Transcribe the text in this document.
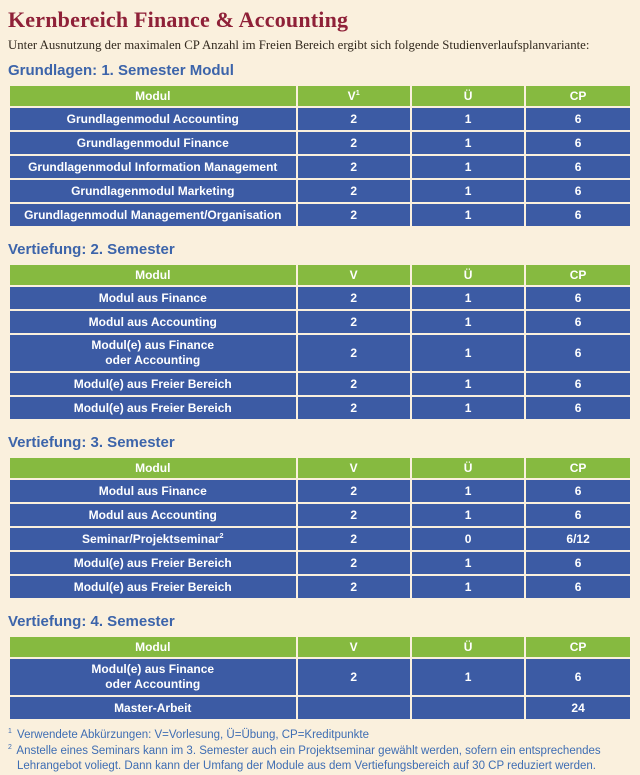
Kernbereich Finance & Accounting

Unter Ausnutzung der maximalen CP Anzahl im Freien Bereich ergibt sich folgende Studienverlaufsplanvariante:

Grundlagen: 1. Semester Modul
Modul	$V^1$	Ü	CP
Grundlagenmodul Accounting	2	1	6
Grundlagenmodul Finance	2	1	6
Grundlagenmodul Information Management	2	1	6
Grundlagenmodul Marketing	2	1	6
Grundlagenmodul Management/Organisation	2	1	6
Vertiefung: 2. Semester
Modul	V	Ü	CP
Modul aus Finance	2	1	6
Modul aus Accounting	2	1	6
Modul(e) aus Finance
oder Accounting	2	1	6
Modul(e) aus Freier Bereich	2	1	6
Modul(e) aus Freier Bereich	2	1	6
Vertiefung: 3. Semester
Modul	V	Ü	CP
Modul aus Finance	2	1	6
Modul aus Accounting	2	1	6
Seminar/Projektseminar$^2$	2	0	6/12
Modul(e) aus Freier Bereich	2	1	6
Modul(e) aus Freier Bereich	2	1	6
Vertiefung: 4. Semester
Modul	V	Ü	CP
Modul(e) aus Finance
oder Accounting	2	1	6
Master-Arbeit			24

$^1$ Verwendete Abkürzungen: V=Vorlesung, Ü=Übung, CP=Kreditpunkte

$^2$ Anstelle eines Seminars kann im 3. Semester auch ein Projektseminar gewählt werden, sofern ein entsprechendes Lehrangebot voliegt. Dann kann der Umfang der Module aus dem Vertiefungsbereich auf 30 CP reduziert werden.
